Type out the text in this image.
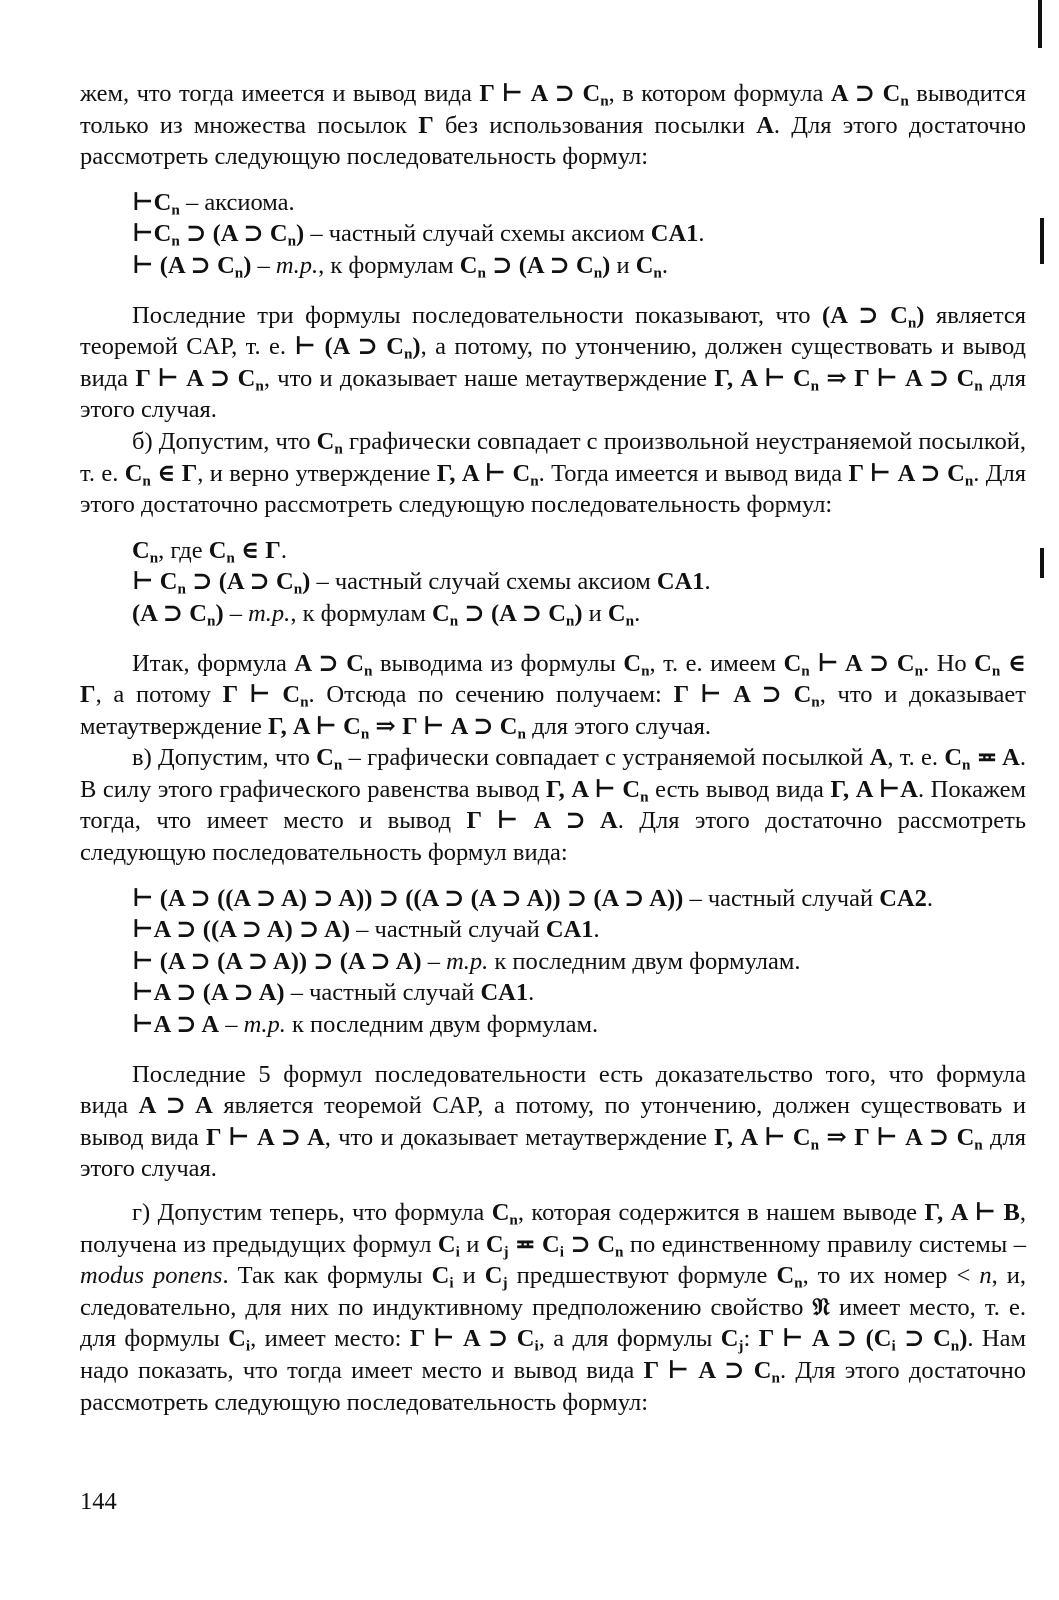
жем, что тогда имеется и вывод вида Γ ⊢ A ⊃ $C_n$, в котором формула A ⊃ $C_n$ выводится только из множества посылок Γ без использования посылки A. Для этого достаточно рассмотреть следующую последовательность формул:

$⊢C_n$ – аксиома.
$⊢C_n$ ⊃ (A ⊃ $C_n$) – частный случай схемы аксиом CA1.
⊢ (A ⊃ $C_n) - m.p$., к формулам $C_n$ ⊃ (A ⊃ $C_n$) и $C_n$.

Последние три формулы последовательности показывают, что (A ⊃ $C_n$) является теоремой CAP, т. е. ⊢ (A ⊃ $C_n$), а потому, по утончению, должен существовать и вывод вида Γ ⊢ A ⊃ $C_n$, что и доказывает наше метаутверждение Γ, A ⊢ $C_n$ ⇒ Γ ⊢ A ⊃ $C_n$ для этого случая.

б) Допустим, что $C_n$ графически совпадает с произвольной неустраняемой посылкой, т. е. $C_n$ ∈ Γ, и верно утверждение Γ, A ⊢ $C_n$. Тогда имеется и вывод вида Γ ⊢ A ⊃ $C_n$. Для этого достаточно рассмотреть следующую последовательность формул:

$C_n$, где $C_n$ ∈ Γ.
⊢ $C_n$ ⊃ (A ⊃ $C_n$) – частный случай схемы аксиом CA1.
(A ⊃ $C_n) - m.p$., к формулам $C_n$ ⊃ (A ⊃ $C_n$) и $C_n$.

Итак, формула A ⊃ $C_n$ выводима из формулы $C_n$, т. е. имеем $C_n$ ⊢ A ⊃ $C_n$. Но $C_n$ ∈ Γ, а потому Γ ⊢ $C_n$. Отсюда по сечению получаем: Γ ⊢ A ⊃ $C_n$, что и доказывает метаутверждение Γ, A ⊢ $C_n$ ⇒ Γ ⊢ A ⊃ $C_n$ для этого случая.

в) Допустим, что $C_n$ – графически совпадает с устраняемой посылкой A, т. е. $C_n$ ≖ A. В силу этого графического равенства вывод Γ, A ⊢ $C_n$ есть вывод вида Γ, A ⊢A. Покажем тогда, что имеет место и вывод Γ ⊢ A ⊃ A. Для этого достаточно рассмотреть следующую последовательность формул вида:

⊢ (A ⊃ ((A ⊃ A) ⊃ A)) ⊃ ((A ⊃ (A ⊃ A)) ⊃ (A ⊃ A)) – частный случай CA2.
⊢A ⊃ ((A ⊃ A) ⊃ A) – частный случай CA1.
⊢ (A ⊃ (A ⊃ A)) ⊃ (A ⊃ A) – m.p. к последним двум формулам.
⊢A ⊃ (A ⊃ A) – частный случай CA1.
⊢A ⊃ A – m.p. к последним двум формулам.

Последние 5 формул последовательности есть доказательство того, что формула вида A ⊃ A является теоремой CAP, а потому, по утончению, должен существовать и вывод вида Γ ⊢ A ⊃ A, что и доказывает метаутверждение Γ, A ⊢ $C_n$ ⇒ Γ ⊢ A ⊃ $C_n$ для этого случая.

г) Допустим теперь, что формула $C_n$, которая содержится в нашем выводе Γ, A ⊢ B, получена из предыдущих формул $C_i$ и $C_j$ ≖ $C_i$ ⊃ $C_n$ по единственному правилу системы – modus ponens. Так как формулы $C_i$ и $C_j$ предшествуют формуле $C_n$, то их номер < n, и, следовательно, для них по индуктивному предположению свойство 𝔑 имеет место, т. е. для формулы $C_i$, имеет место: Γ ⊢ A ⊃ $C_i$, а для формулы $C_j$: Γ ⊢ A ⊃ ($C_i$ ⊃ $C_n$). Нам надо показать, что тогда имеет место и вывод вида Γ ⊢ A ⊃ $C_n$. Для этого достаточно рассмотреть следующую последовательность формул:

144
